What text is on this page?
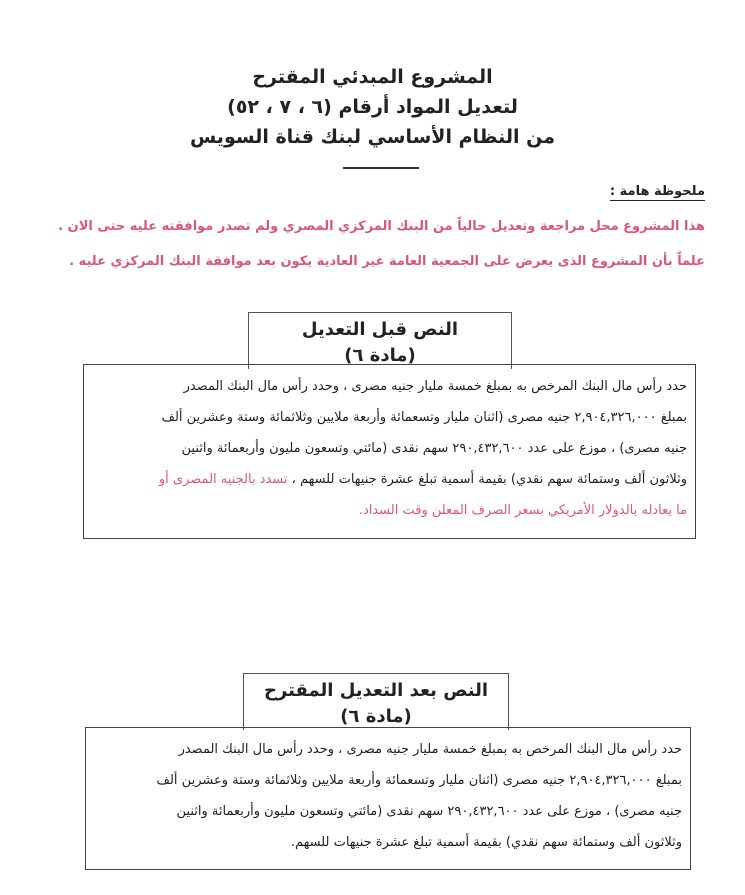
المشروع المبدئي المقترح
لتعديل المواد أرقام (٦ ، ٧ ، ٥٢)
من النظام الأساسي لبنك قناة السويس
ملحوظة هامة :
هذا المشروع محل مراجعة وتعديل حالياً من البنك المركزي المصري ولم تصدر موافقته عليه حتى الان .
علماً بأن المشروع الذى يعرض على الجمعية العامة غير العادية يكون بعد موافقة البنك المركزي عليه .
النص قبل التعديل
(مادة ٦)
حدد رأس مال البنك المرخص به بمبلغ خمسة مليار جنيه مصرى ، وحدد رأس مال البنك المصدر
بمبلغ ٢,٩٠٤,٣٢٦,٠٠٠ جنيه مصرى (اثنان مليار وتسعمائة وأربعة ملايين وثلاثمائة وستة وعشرين ألف
جنيه مصرى) ، موزع على عدد ٢٩٠,٤٣٢,٦٠٠ سهم نقدى (مائتي وتسعون مليون وأربعمائة واثنين
وثلاثون ألف وستمائة سهم نقدي) بقيمة أسمية تبلغ عشرة جنيهات للسهم ، تسدد بالجنيه المصرى أو
ما يعادله بالدولار الأمريكي بسعر الصرف المعلن وقت السداد.
النص بعد التعديل المقترح
(مادة ٦)
حدد رأس مال البنك المرخص به بمبلغ خمسة مليار جنيه مصرى ، وحدد رأس مال البنك المصدر
بمبلغ ٢,٩٠٤,٣٢٦,٠٠٠ جنيه مصرى (اثنان مليار وتسعمائة وأربعة ملايين وثلاثمائة وستة وعشرين ألف
جنيه مصرى) ، موزع على عدد ٢٩٠,٤٣٢,٦٠٠ سهم نقدى (مائتي وتسعون مليون وأربعمائة واثنين
وثلاثون ألف وستمائة سهم نقدي) بقيمة أسمية تبلغ عشرة جنيهات للسهم.
